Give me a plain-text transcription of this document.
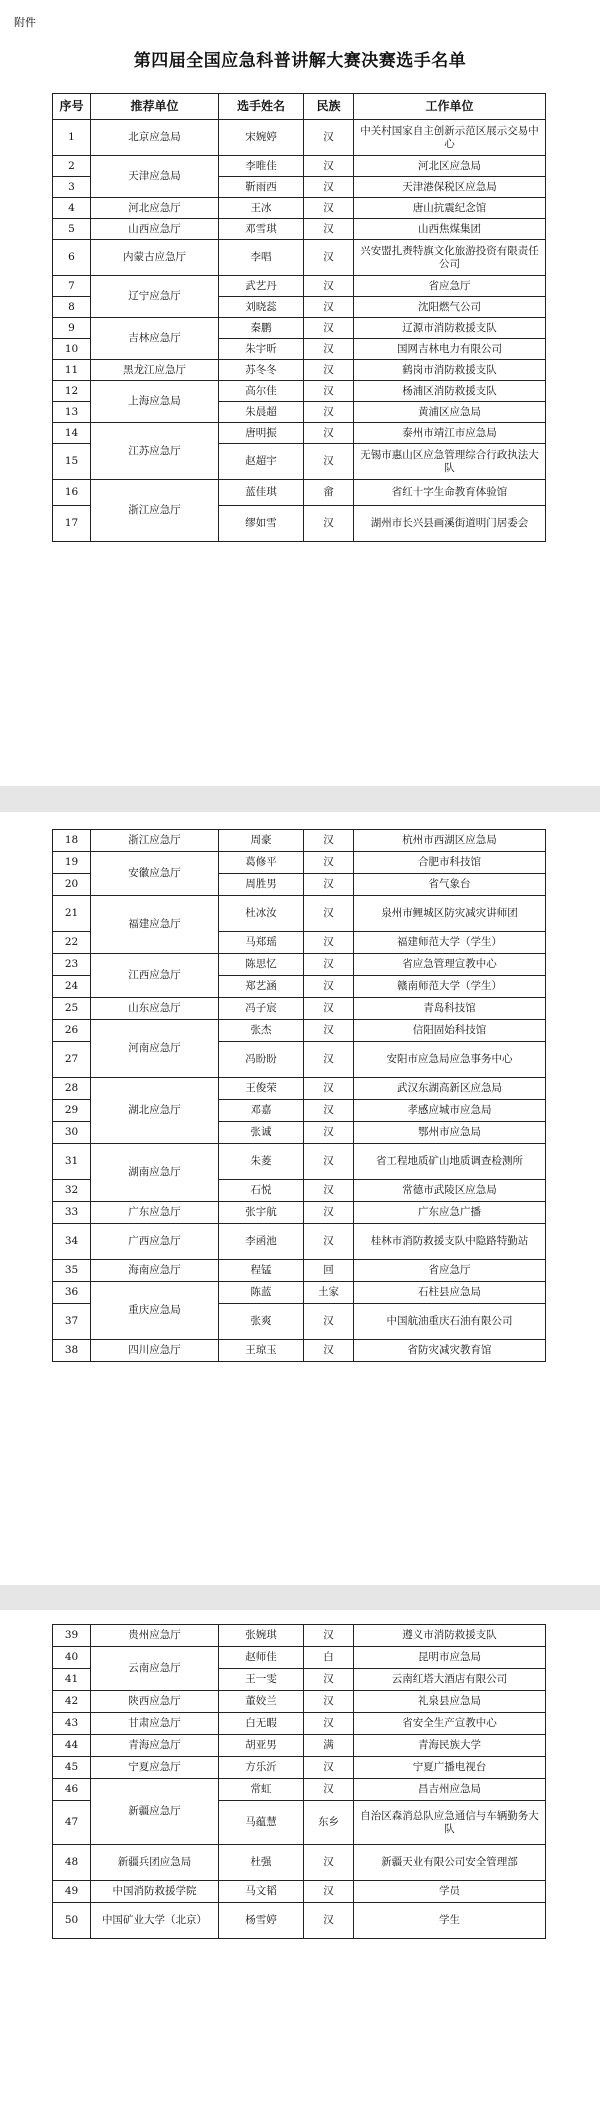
附件
第四届全国应急科普讲解大赛决赛选手名单
序号	推荐单位	选手姓名	民族	工作单位
1	北京应急局	宋婉婷	汉	中关村国家自主创新示范区展示交易中心
2	天津应急局	李唯佳	汉	河北区应急局
3		靳雨西	汉	天津港保税区应急局
4	河北应急厅	王冰	汉	唐山抗震纪念馆
5	山西应急厅	邓雪琪	汉	山西焦煤集团
6	内蒙古应急厅	李唱	汉	兴安盟扎赉特旗文化旅游投资有限责任公司
7	辽宁应急厅	武艺丹	汉	省应急厅
8		刘晓蕊	汉	沈阳燃气公司
9	吉林应急厅	秦鹏	汉	辽源市消防救援支队
10		朱宇昕	汉	国网吉林电力有限公司
11	黑龙江应急厅	苏冬冬	汉	鹤岗市消防救援支队
12	上海应急局	高尔佳	汉	杨浦区消防救援支队
13		朱晨超	汉	黄浦区应急局
14	江苏应急厅	唐明振	汉	泰州市靖江市应急局
15		赵超宇	汉	无锡市惠山区应急管理综合行政执法大队
16	浙江应急厅	蓝佳琪	畲	省红十字生命教育体验馆
17		缪如雪	汉	湖州市长兴县画溪街道明门居委会
18	浙江应急厅	周豪	汉	杭州市西湖区应急局
19	安徽应急厅	葛修平	汉	合肥市科技馆
20		周胜男	汉	省气象台
21	福建应急厅	杜冰汝	汉	泉州市鲤城区防灾减灾讲师团
22		马郑瑶	汉	福建师范大学（学生）
23	江西应急厅	陈思忆	汉	省应急管理宣教中心
24		郑艺涵	汉	赣南师范大学（学生）
25	山东应急厅	冯子宸	汉	青岛科技馆
26	河南应急厅	张杰	汉	信阳固始科技馆
27		冯盼盼	汉	安阳市应急局应急事务中心
28	湖北应急厅	王俊荣	汉	武汉东湖高新区应急局
29		邓嘉	汉	孝感应城市应急局
30		张诚	汉	鄂州市应急局
31	湖南应急厅	朱菱	汉	省工程地质矿山地质调查检测所
32		石悦	汉	常德市武陵区应急局
33	广东应急厅	张宇航	汉	广东应急广播
34	广西应急厅	李函池	汉	桂林市消防救援支队中隐路特勤站
35	海南应急厅	程锰	回	省应急厅
36	重庆应急局	陈蓝	土家	石柱县应急局
37		张爽	汉	中国航油重庆石油有限公司
38	四川应急厅	王琼玉	汉	省防灾减灾教育馆
39	贵州应急厅	张婉琪	汉	遵义市消防救援支队
40	云南应急厅	赵师佳	白	昆明市应急局
41		王一雯	汉	云南红塔大酒店有限公司
42	陕西应急厅	董姣兰	汉	礼泉县应急局
43	甘肃应急厅	白无暇	汉	省安全生产宣教中心
44	青海应急厅	胡亚男	满	青海民族大学
45	宁夏应急厅	方乐沂	汉	宁夏广播电视台
46	新疆应急厅	常虹	汉	昌吉州应急局
47		马蕴慧	东乡	自治区森消总队应急通信与车辆勤务大队
48	新疆兵团应急局	杜强	汉	新疆天业有限公司安全管理部
49	中国消防救援学院	马文韬	汉	学员
50	中国矿业大学（北京）	杨雪婷	汉	学生
